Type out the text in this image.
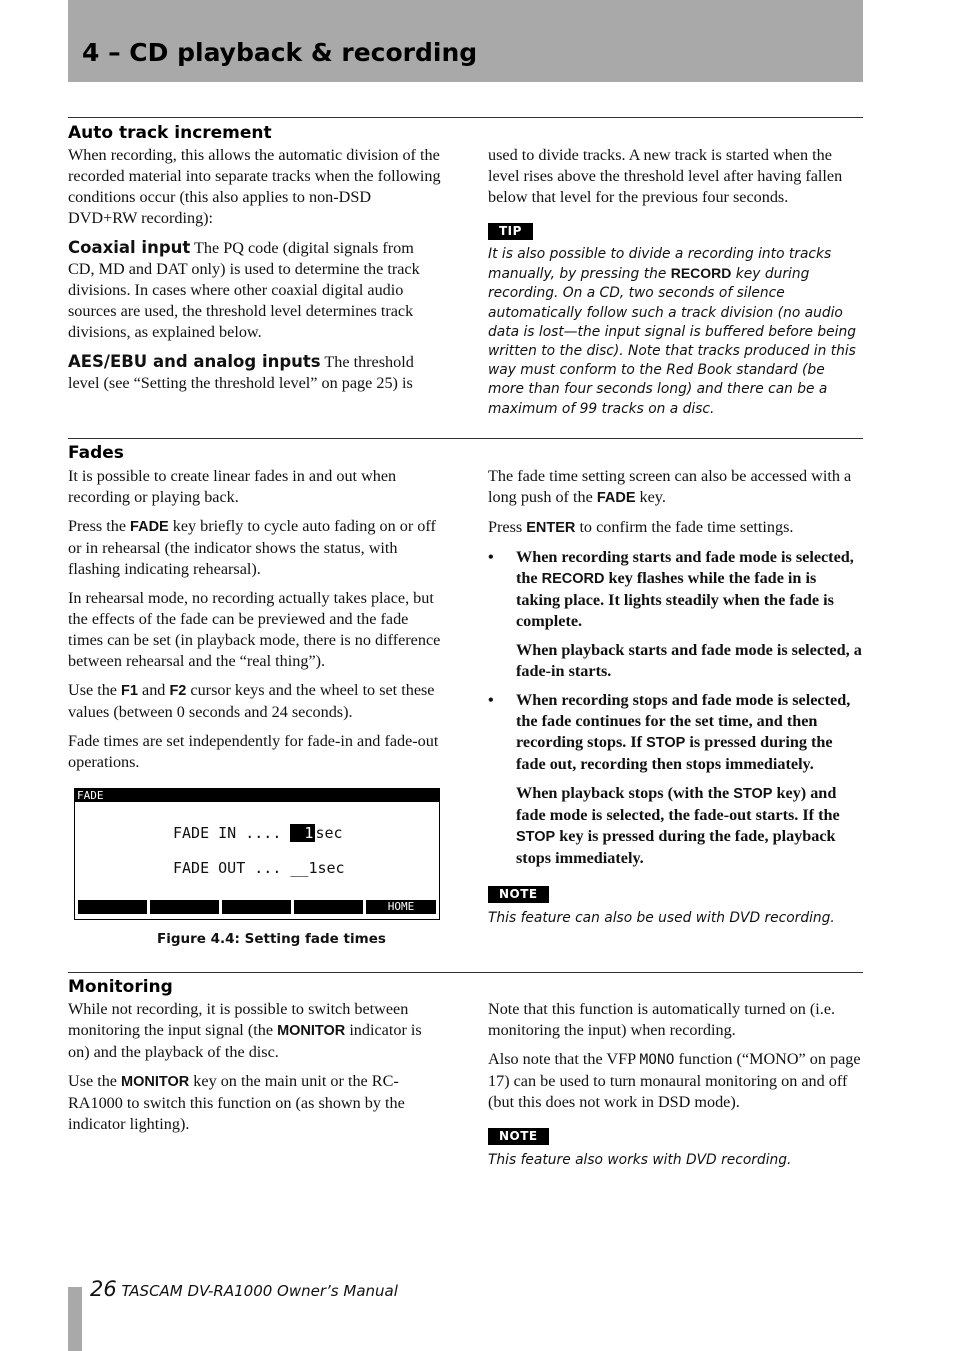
4 – CD playback & recording
Auto track increment

When recording, this allows the automatic division of the recorded material into separate tracks when the following conditions occur (this also applies to non-DSD DVD+RW recording):

Coaxial input The PQ code (digital signals from CD, MD and DAT only) is used to determine the track divisions. In cases where other coaxial digital audio sources are used, the threshold level determines track divisions, as explained below.

AES/EBU and analog inputs The threshold level (see “Setting the threshold level” on page 25) is

used to divide tracks. A new track is started when the level rises above the threshold level after having fallen below that level for the previous four seconds.

TIP
It is also possible to divide a recording into tracks manually, by pressing the RECORD key during recording. On a CD, two seconds of silence automatically follow such a track division (no audio data is lost—the input signal is buffered before being written to the disc). Note that tracks produced in this way must conform to the Red Book standard (be more than four seconds long) and there can be a maximum of 99 tracks on a disc.
Fades

It is possible to create linear fades in and out when recording or playing back.

Press the FADE key briefly to cycle auto fading on or off or in rehearsal (the indicator shows the status, with flashing indicating rehearsal).

In rehearsal mode, no recording actually takes place, but the effects of the fade can be previewed and the fade times can be set (in playback mode, there is no difference between rehearsal and the “real thing”).

Use the F1 and F2 cursor keys and the wheel to set these values (between 0 seconds and 24 seconds).

Fade times are set independently for fade-in and fade-out operations.

FADE
FADE IN .... 1 sec
FADE OUT ... __1sec
HOME
Figure 4.4: Setting fade times

The fade time setting screen can also be accessed with a long push of the FADE key.

Press ENTER to confirm the fade time settings.

• When recording starts and fade mode is selected, the RECORD key flashes while the fade in is taking place. It lights steadily when the fade is complete.

When playback starts and fade mode is selected, a fade-in starts.

• When recording stops and fade mode is selected, the fade continues for the set time, and then recording stops. If STOP is pressed during the fade out, recording then stops immediately.

When playback stops (with the STOP key) and fade mode is selected, the fade-out starts. If the STOP key is pressed during the fade, playback stops immediately.

NOTE
This feature can also be used with DVD recording.
Monitoring

While not recording, it is possible to switch between monitoring the input signal (the MONITOR indicator is on) and the playback of the disc.

Use the MONITOR key on the main unit or the RC-RA1000 to switch this function on (as shown by the indicator lighting).

Note that this function is automatically turned on (i.e. monitoring the input) when recording.

Also note that the VFP MONO function (“MONO” on page 17) can be used to turn monaural monitoring on and off (but this does not work in DSD mode).

NOTE
This feature also works with DVD recording.
26 TASCAM DV-RA1000 Owner’s Manual
